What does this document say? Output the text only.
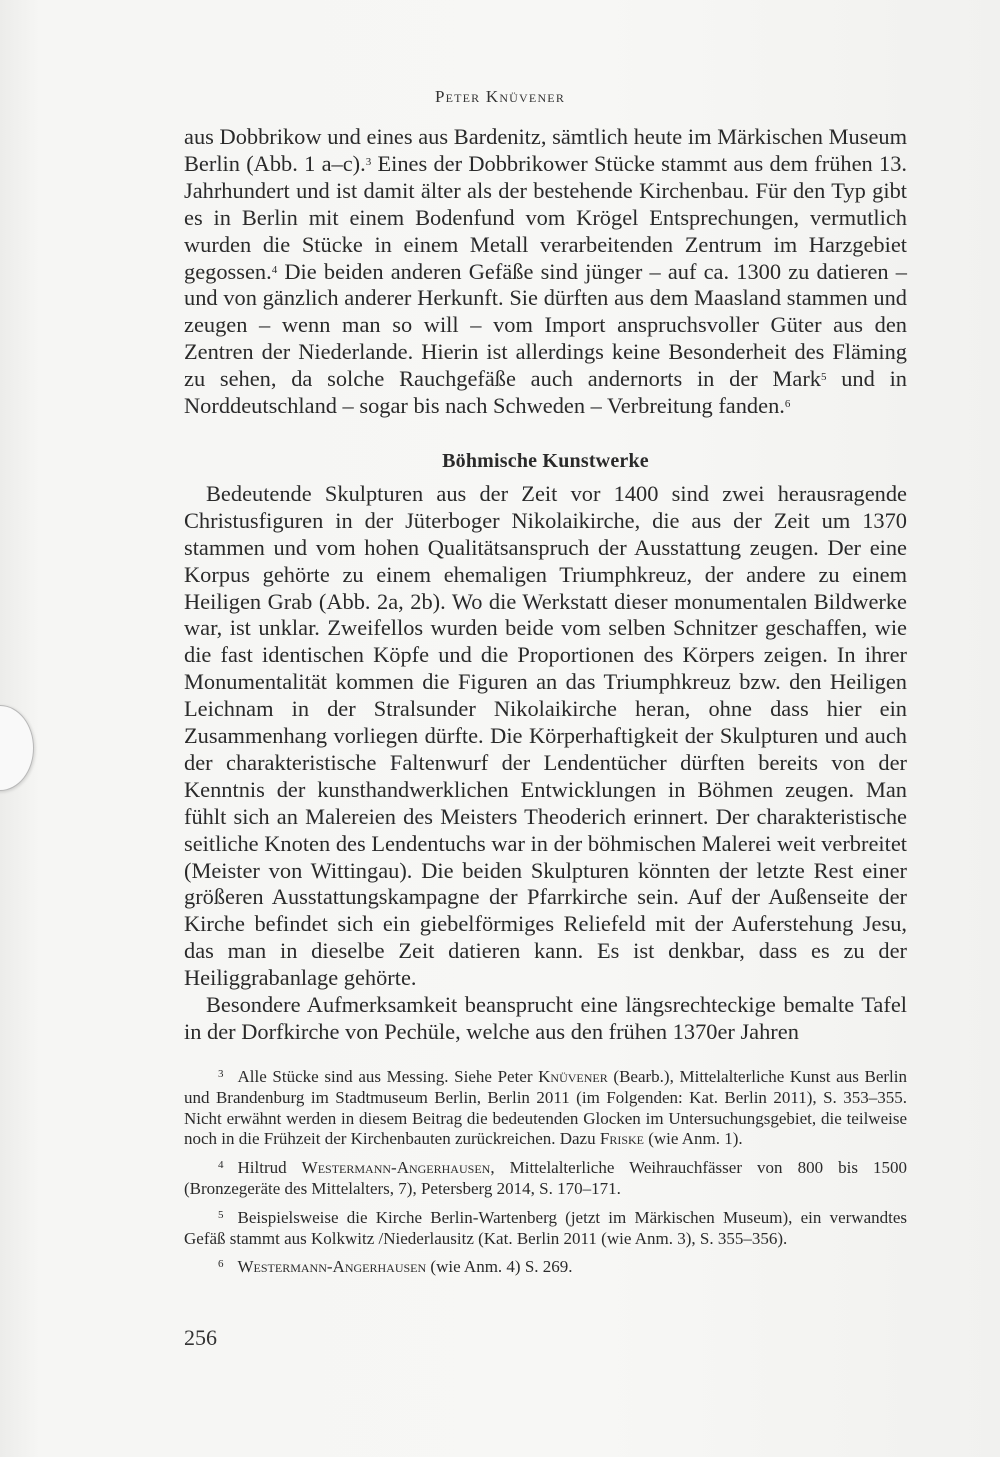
Peter Knüvener

aus Dobbrikow und eines aus Bardenitz, sämtlich heute im Märkischen Museum Berlin (Abb. 1 a–c).$^3$ Eines der Dobbrikower Stücke stammt aus dem frühen 13. Jahrhundert und ist damit älter als der bestehende Kirchenbau. Für den Typ gibt es in Berlin mit einem Bodenfund vom Krögel Entsprechungen, vermutlich wurden die Stücke in einem Metall verarbeitenden Zentrum im Harzgebiet gegossen.$^4$ Die beiden anderen Gefäße sind jünger – auf ca. 1300 zu datieren – und von gänzlich anderer Herkunft. Sie dürften aus dem Maasland stammen und zeugen – wenn man so will – vom Import anspruchsvoller Güter aus den Zentren der Niederlande. Hierin ist allerdings keine Besonderheit des Fläming zu sehen, da solche Rauchgefäße auch andernorts in der Mark$^5$ und in Norddeutschland – sogar bis nach Schweden – Verbreitung fanden.$^6$

Böhmische Kunstwerke

Bedeutende Skulpturen aus der Zeit vor 1400 sind zwei herausragende Christusfiguren in der Jüterboger Nikolaikirche, die aus der Zeit um 1370 stammen und vom hohen Qualitätsanspruch der Ausstattung zeugen. Der eine Korpus gehörte zu einem ehemaligen Triumphkreuz, der andere zu einem Heiligen Grab (Abb. 2a, 2b). Wo die Werkstatt dieser monumentalen Bildwerke war, ist unklar. Zweifellos wurden beide vom selben Schnitzer geschaffen, wie die fast identischen Köpfe und die Proportionen des Körpers zeigen. In ihrer Monumentalität kommen die Figuren an das Triumphkreuz bzw. den Heiligen Leichnam in der Stralsunder Nikolaikirche heran, ohne dass hier ein Zusammenhang vorliegen dürfte. Die Körperhaftigkeit der Skulpturen und auch der charakteristische Faltenwurf der Lendentücher dürften bereits von der Kenntnis der kunsthandwerklichen Entwicklungen in Böhmen zeugen. Man fühlt sich an Malereien des Meisters Theoderich erinnert. Der charakteristische seitliche Knoten des Lendentuchs war in der böhmischen Malerei weit verbreitet (Meister von Wittingau). Die beiden Skulpturen könnten der letzte Rest einer größeren Ausstattungskampagne der Pfarrkirche sein. Auf der Außenseite der Kirche befindet sich ein giebelförmiges Reliefeld mit der Auferstehung Jesu, das man in dieselbe Zeit datieren kann. Es ist denkbar, dass es zu der Heiliggrabanlage gehörte.

Besondere Aufmerksamkeit beansprucht eine längsrechteckige bemalte Tafel in der Dorfkirche von Pechüle, welche aus den frühen 1370er Jahren

$^3$ Alle Stücke sind aus Messing. Siehe Peter Knüvener (Bearb.), Mittelalterliche Kunst aus Berlin und Brandenburg im Stadtmuseum Berlin, Berlin 2011 (im Folgenden: Kat. Berlin 2011), S. 353–355. Nicht erwähnt werden in diesem Beitrag die bedeutenden Glocken im Untersuchungsgebiet, die teilweise noch in die Frühzeit der Kirchenbauten zurückreichen. Dazu Friske (wie Anm. 1).

$^4$ Hiltrud Westermann-Angerhausen, Mittelalterliche Weihrauchfässer von 800 bis 1500 (Bronzegeräte des Mittelalters, 7), Petersberg 2014, S. 170–171.

$^5$ Beispielsweise die Kirche Berlin-Wartenberg (jetzt im Märkischen Museum), ein verwandtes Gefäß stammt aus Kolkwitz /Niederlausitz (Kat. Berlin 2011 (wie Anm. 3), S. 355–356).

$^6$ Westermann-Angerhausen (wie Anm. 4) S. 269.

256
